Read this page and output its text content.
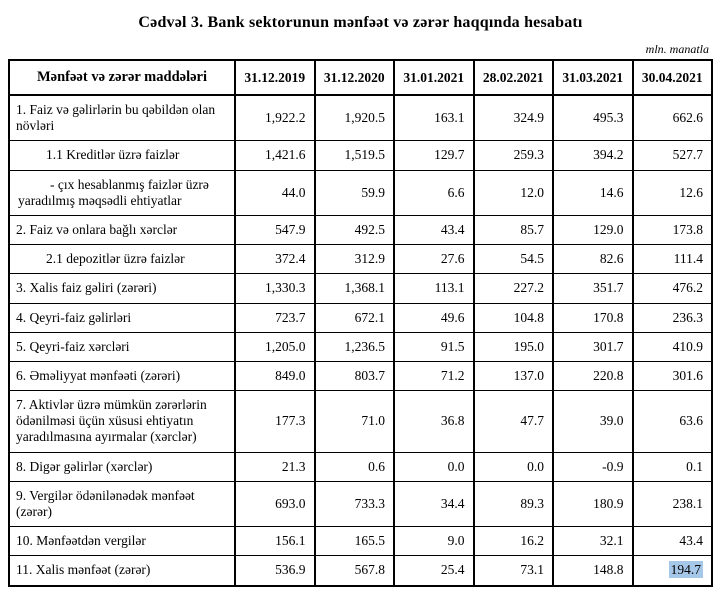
Cədvəl 3. Bank sektorunun mənfəət və zərər haqqında hesabatı
mln. manatla
Mənfəət və zərər maddələri	31.12.2019	31.12.2020	31.01.2021	28.02.2021	31.03.2021	30.04.2021
1. Faiz və gəlirlərin bu qəbildən olan növləri	1,922.2	1,920.5	163.1	324.9	495.3	662.6
1.1 Kreditlər üzrə faizlər	1,421.6	1,519.5	129.7	259.3	394.2	527.7
- çıx hesablanmış faizlər üzrə yaradılmış məqsədli ehtiyatlar	44.0	59.9	6.6	12.0	14.6	12.6
2. Faiz və onlara bağlı xərclər	547.9	492.5	43.4	85.7	129.0	173.8
2.1 depozitlər üzrə faizlər	372.4	312.9	27.6	54.5	82.6	111.4
3. Xalis faiz gəliri (zərəri)	1,330.3	1,368.1	113.1	227.2	351.7	476.2
4. Qeyri-faiz gəlirləri	723.7	672.1	49.6	104.8	170.8	236.3
5. Qeyri-faiz xərcləri	1,205.0	1,236.5	91.5	195.0	301.7	410.9
6. Əməliyyat mənfəəti (zərəri)	849.0	803.7	71.2	137.0	220.8	301.6
7. Aktivlər üzrə mümkün zərərlərin ödənilməsi üçün xüsusi ehtiyatın yaradılmasına ayırmalar (xərclər)	177.3	71.0	36.8	47.7	39.0	63.6
8. Digər gəlirlər (xərclər)	21.3	0.6	0.0	0.0	-0.9	0.1
9. Vergilər ödənilənədək mənfəət (zərər)	693.0	733.3	34.4	89.3	180.9	238.1
10. Mənfəətdən vergilər	156.1	165.5	9.0	16.2	32.1	43.4
11. Xalis mənfəət (zərər)	536.9	567.8	25.4	73.1	148.8	194.7
